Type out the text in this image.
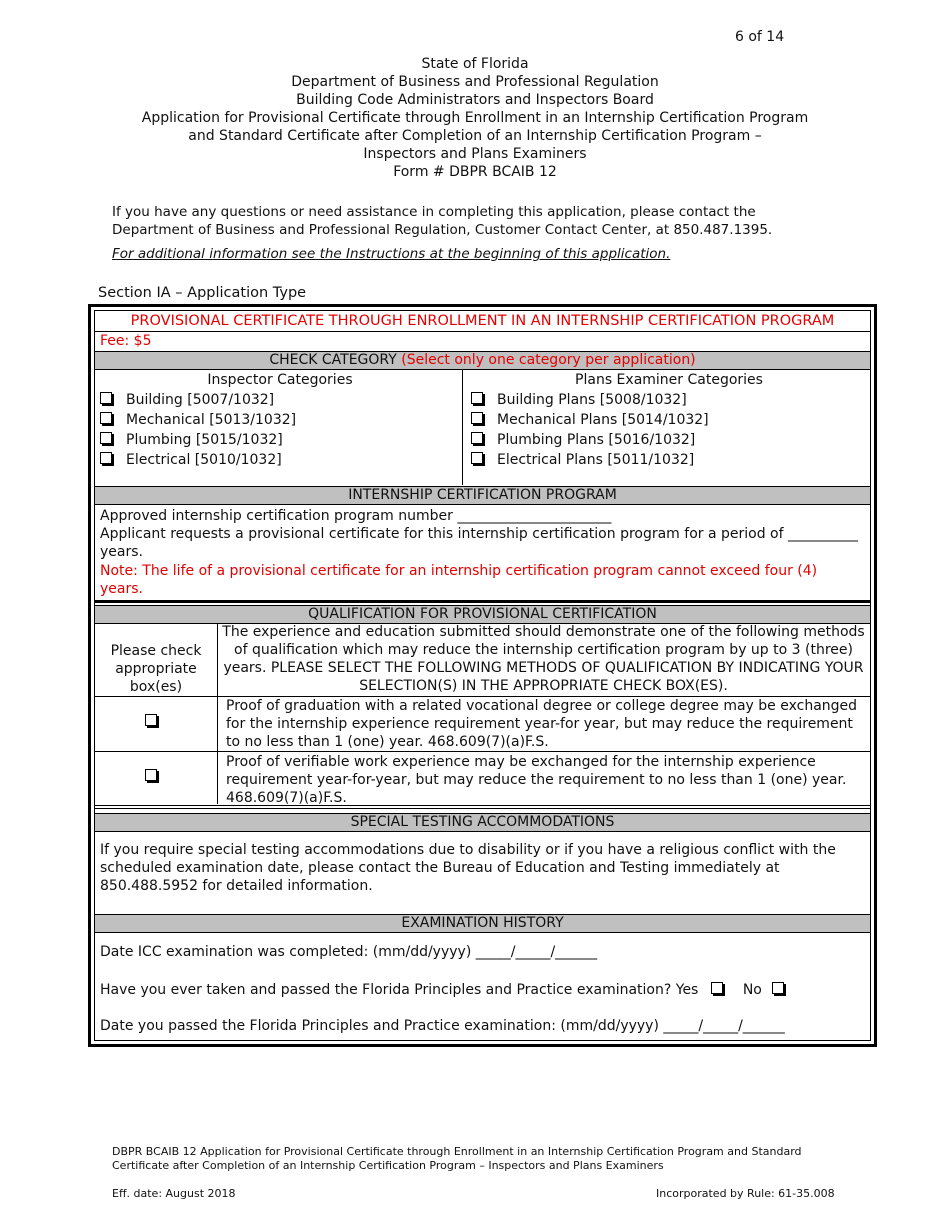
6 of 14
State of Florida
Department of Business and Professional Regulation
Building Code Administrators and Inspectors Board
Application for Provisional Certificate through Enrollment in an Internship Certification Program
and Standard Certificate after Completion of an Internship Certification Program –
Inspectors and Plans Examiners
Form # DBPR BCAIB 12
If you have any questions or need assistance in completing this application, please contact the
Department of Business and Professional Regulation, Customer Contact Center, at 850.487.1395.
For additional information see the Instructions at the beginning of this application.
Section IA – Application Type
PROVISIONAL CERTIFICATE THROUGH ENROLLMENT IN AN INTERNSHIP CERTIFICATION PROGRAM
Fee: $5
CHECK CATEGORY (Select only one category per application)
Inspector Categories
Building [5007/1032]
Mechanical [5013/1032]
Plumbing [5015/1032]
Electrical [5010/1032]
Plans Examiner Categories
Building Plans [5008/1032]
Mechanical Plans [5014/1032]
Plumbing Plans [5016/1032]
Electrical Plans [5011/1032]
INTERNSHIP CERTIFICATION PROGRAM
Approved internship certification program number ______________________
Applicant requests a provisional certificate for this internship certification program for a period of __________
years.
Note: The life of a provisional certificate for an internship certification program cannot exceed four (4)
years.
QUALIFICATION FOR PROVISIONAL CERTIFICATION
Please check appropriate box(es)
The experience and education submitted should demonstrate one of the following methods of qualification which may reduce the internship certification program by up to 3 (three) years. PLEASE SELECT THE FOLLOWING METHODS OF QUALIFICATION BY INDICATING YOUR SELECTION(S) IN THE APPROPRIATE CHECK BOX(ES).
Proof of graduation with a related vocational degree or college degree may be exchanged for the internship experience requirement year-for year, but may reduce the requirement to no less than 1 (one) year. 468.609(7)(a)F.S.
Proof of verifiable work experience may be exchanged for the internship experience requirement year-for-year, but may reduce the requirement to no less than 1 (one) year. 468.609(7)(a)F.S.
SPECIAL TESTING ACCOMMODATIONS
If you require special testing accommodations due to disability or if you have a religious conflict with the scheduled examination date, please contact the Bureau of Education and Testing immediately at 850.488.5952 for detailed information.
EXAMINATION HISTORY
Date ICC examination was completed: (mm/dd/yyyy) _____/_____/______
Have you ever taken and passed the Florida Principles and Practice examination? Yes	No
Date you passed the Florida Principles and Practice examination: (mm/dd/yyyy) _____/_____/______
DBPR BCAIB 12 Application for Provisional Certificate through Enrollment in an Internship Certification Program and Standard
Certificate after Completion of an Internship Certification Program – Inspectors and Plans Examiners
Eff. date: August 2018	Incorporated by Rule: 61-35.008
